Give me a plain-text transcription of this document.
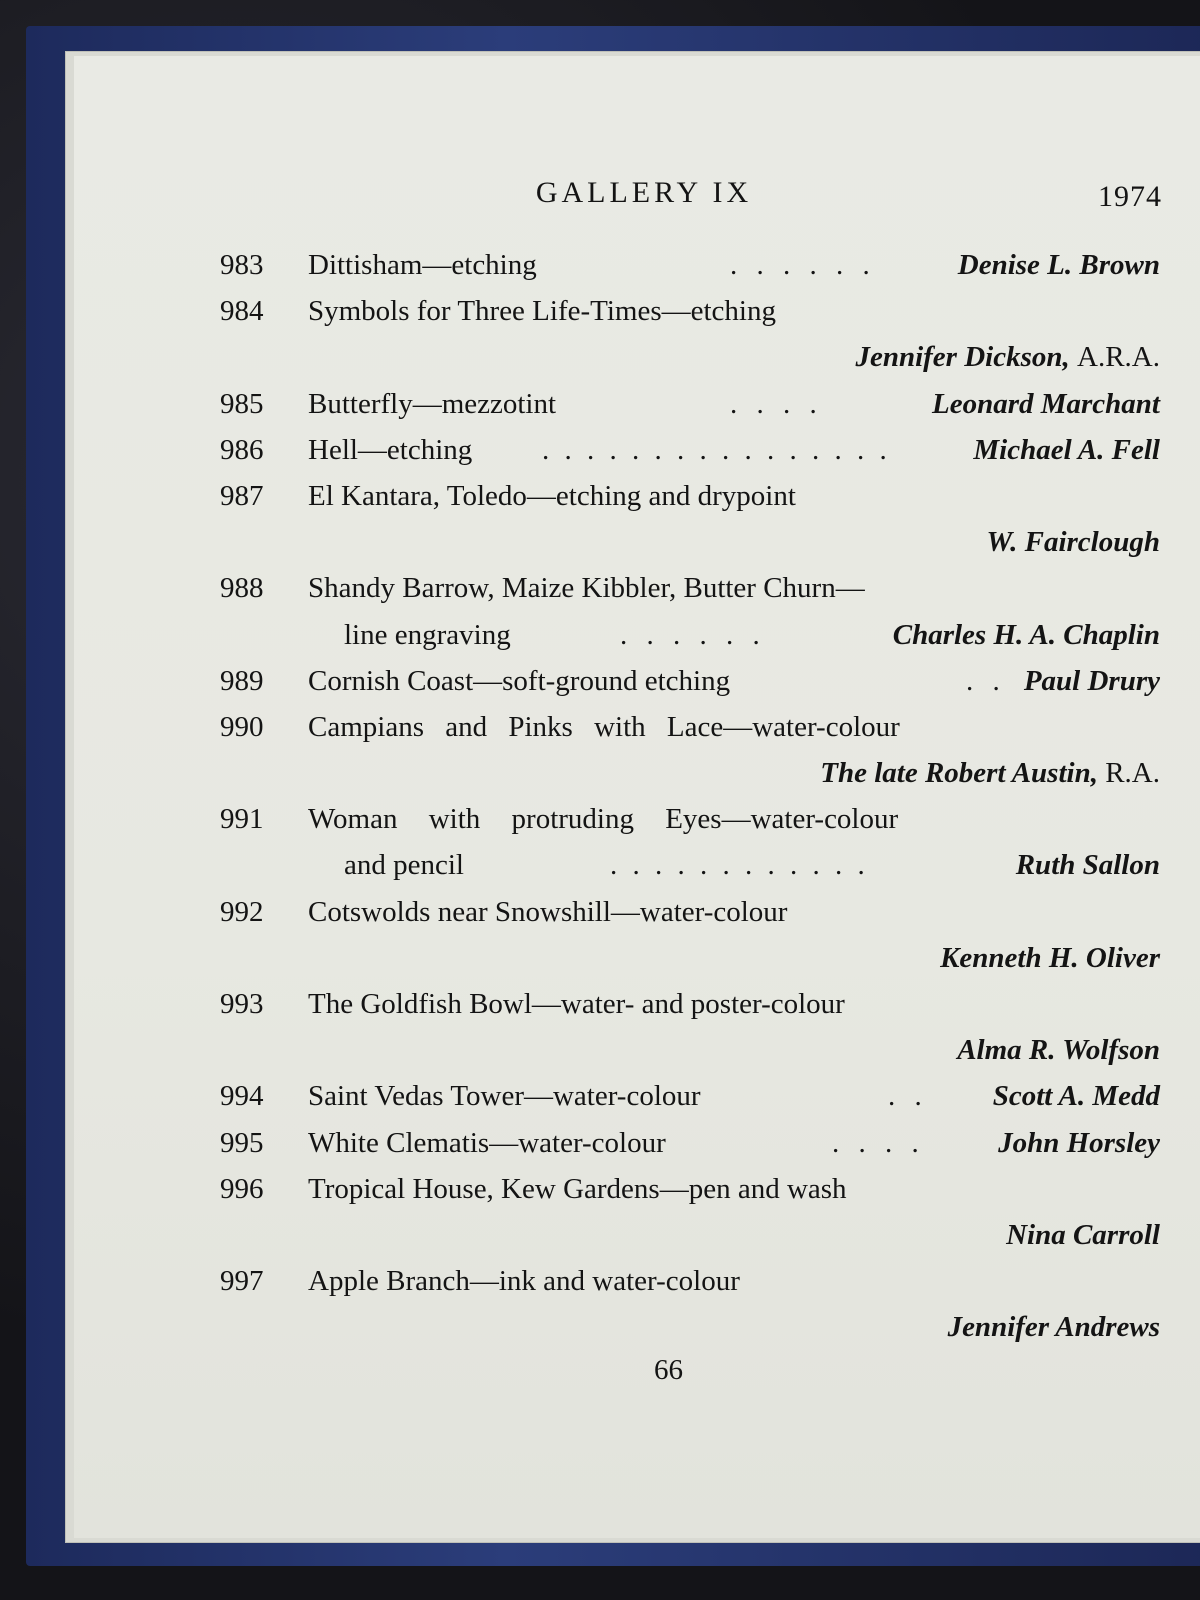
GALLERY IX	1974
983	Dittisham—etching	. . . . . .	Denise L. Brown
984	Symbols for Three Life-Times—etching
Jennifer Dickson, A.R.A.
985	Butterfly—mezzotint	. . . .	Leonard Marchant
986	Hell—etching . . . . . . . . . . . . . . . .	Michael A. Fell
987	El Kantara, Toledo—etching and drypoint
W. Fairclough
988	Shandy Barrow, Maize Kibbler, Butter Churn—
line engraving	. . . . . .	Charles H. A. Chaplin
989	Cornish Coast—soft-ground etching	. . Paul Drury
990	Campians and Pinks with Lace—water-colour
The late Robert Austin, R.A.
991	Woman with protruding Eyes—water-colour
and pencil	. . . . . . . . . . . .	Ruth Sallon
992	Cotswolds near Snowshill—water-colour
Kenneth H. Oliver
993	The Goldfish Bowl—water- and poster-colour
Alma R. Wolfson
994	Saint Vedas Tower—water-colour	. . Scott A. Medd
995	White Clematis—water-colour	. . . .	John Horsley
996	Tropical House, Kew Gardens—pen and wash
Nina Carroll
997	Apple Branch—ink and water-colour
Jennifer Andrews
66
